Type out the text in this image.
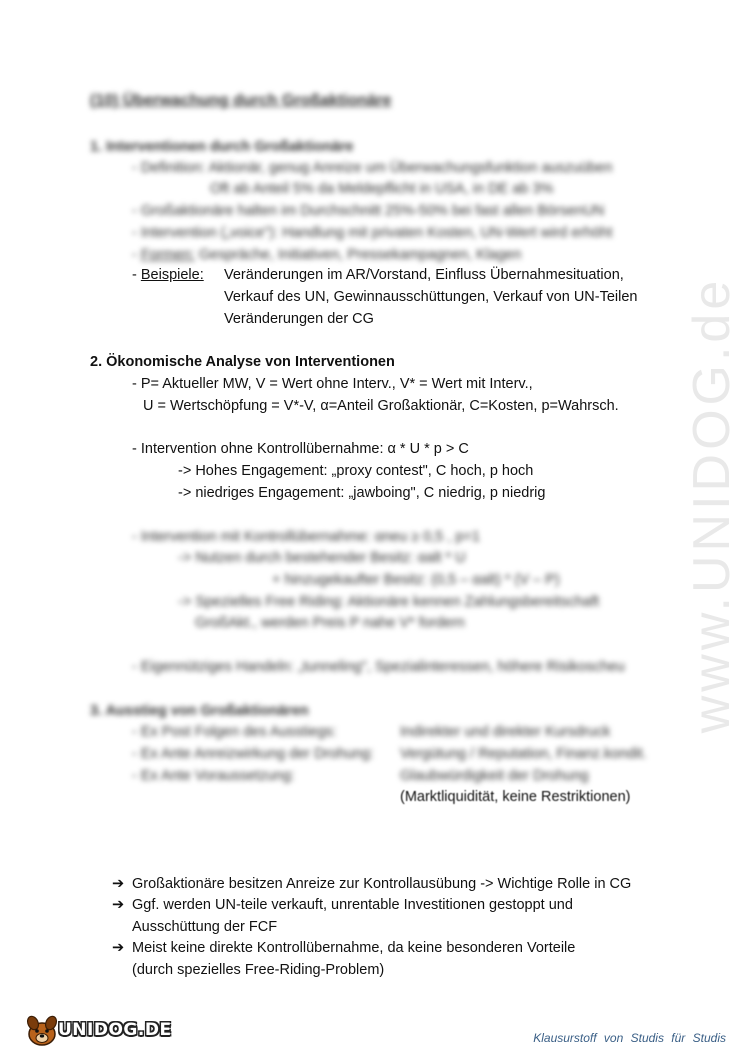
www.UNIDOG.de
(10) Überwachung durch Großaktionäre
1. Interventionen durch Großaktionäre
- Definition: Aktionär, genug Anreize um Überwachungsfunktion auszuüben
Oft ab Anteil 5% da Meldepflicht in USA, in DE ab 3%
- Großaktionäre halten im Durchschnitt 25%-50% bei fast allen BörsenUN
- Intervention („voice"): Handlung mit privaten Kosten, UN-Wert wird erhöht
- Formen: Gespräche, Initiativen, Pressekampagnen, Klagen
- Beispiele: Veränderungen im AR/Vorstand, Einfluss Übernahmesituation,
Verkauf des UN, Gewinnausschüttungen, Verkauf von UN-Teilen
Veränderungen der CG
2. Ökonomische Analyse von Interventionen
- P= Aktueller MW, V = Wert ohne Interv., V* = Wert mit Interv.,
U = Wertschöpfung = V*-V, α=Anteil Großaktionär, C=Kosten, p=Wahrsch.
- Intervention ohne Kontrollübernahme: α * U * p > C
-> Hohes Engagement: „proxy contest", C hoch, p hoch
-> niedriges Engagement: „jawboing", C niedrig, p niedrig
- Intervention mit Kontrollübernahme: αneu ≥ 0,5 , p=1
-> Nutzen durch bestehender Besitz: αalt * U
+ hinzugekaufter Besitz: (0,5 – αalt) * (V – P)
-> Spezielles Free Riding: Aktionäre kennen Zahlungsbereitschaft
GroßAkt., werden Preis P nahe V* fordern
- Eigennütziges Handeln: „tunneling", Spezialinteressen, höhere Risikoscheu
3. Ausstieg von Großaktionären
- Ex Post Folgen des Ausstiegs:	Indirekter und direkter Kursdruck
- Ex Ante Anreizwirkung der Drohung: Vergütung / Reputation, Finanz.kondit.
- Ex Ante Voraussetzung:	Glaubwürdigkeit der Drohung
(Marktliquidität, keine Restriktionen)
➔ Großaktionäre besitzen Anreize zur Kontrollausübung -> Wichtige Rolle in CG
➔ Ggf. werden UN-teile verkauft, unrentable Investitionen gestoppt und
Ausschüttung der FCF
➔ Meist keine direkte Kontrollübernahme, da keine besonderen Vorteile
(durch spezielles Free-Riding-Problem)
UNIDOG.DE	Klausurstoff von Studis für Studis
